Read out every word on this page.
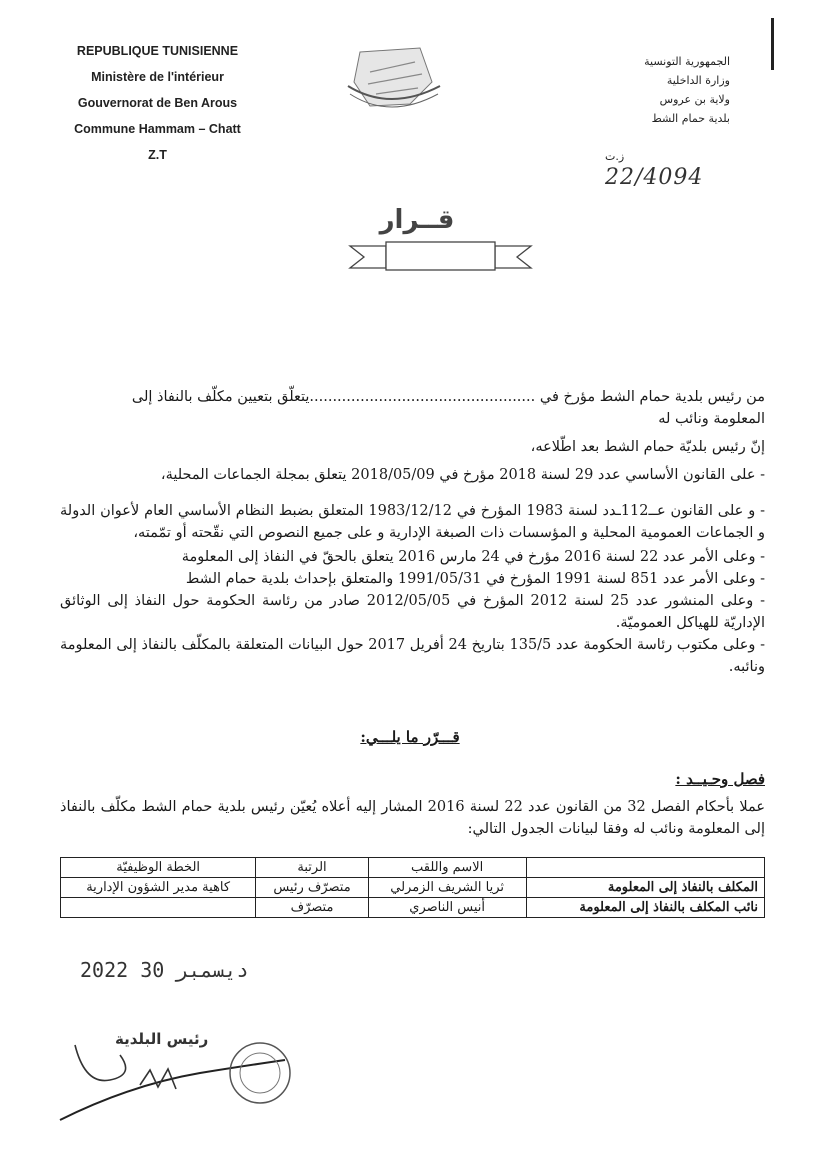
REPUBLIQUE TUNISIENNE
Ministère de l'intérieur
Gouvernorat de Ben Arous
Commune Hammam – Chatt
Z.T
الجمهورية التونسية
وزارة الداخلية
ولاية بن عروس
بلدية حمام الشط
ز.ت
22/4094
قــرار
من رئيس بلدية حمام الشط مؤرخ في .................................................يتعلّق بتعيين مكلّف بالنفاذ إلى
المعلومة ونائب له
إنّ رئيس بلديّة حمام الشط بعد اطّلاعه،
- على القانون الأساسي عدد 29 لسنة 2018 مؤرخ في 2018/05/09 يتعلق بمجلة الجماعات المحلية،
- و على القانون عــ112ـدد لسنة 1983 المؤرخ في 1983/12/12 المتعلق بضبط النظام الأساسي العام لأعوان الدولة و الجماعات العمومية المحلية و المؤسسات ذات الصبغة الإدارية و على جميع النصوص التي نقّحته أو تمّمته،
- وعلى الأمر عدد 22 لسنة 2016 مؤرخ في 24 مارس 2016 يتعلق بالحقّ في النفاذ إلى المعلومة
- وعلى الأمر عدد 851 لسنة 1991 المؤرخ في 1991/05/31 والمتعلق بإحداث بلدية حمام الشط
- وعلى المنشور عدد 25 لسنة 2012 المؤرخ في 2012/05/05 صادر من رئاسة الحكومة حول النفاذ إلى الوثائق الإداريّة للهياكل العموميّة.
- وعلى مكتوب رئاسة الحكومة عدد 135/5 بتاريخ 24 أفريل 2017 حول البيانات المتعلقة بالمكلّف بالنفاذ إلى المعلومة ونائبه.
قـــرّر ما يلـــي:
فصل وحـيــد :
عملا بأحكام الفصل 32 من القانون عدد 22 لسنة 2016 المشار إليه أعلاه يُعيّن رئيس بلدية حمام الشط مكلّف بالنفاذ إلى المعلومة ونائب له وفقا لبيانات الجدول التالي:
	الاسم واللقب	الرتبة	الخطة الوظيفيّة
المكلف بالنفاذ إلى المعلومة	ثريا الشريف الزمرلي	متصرّف رئيس	كاهية مدير الشؤون الإدارية
نائب المكلف بالنفاذ إلى المعلومة	أنيس الناصري	متصرّف	
2022 ديسمبر 30
رئيس البلدية
